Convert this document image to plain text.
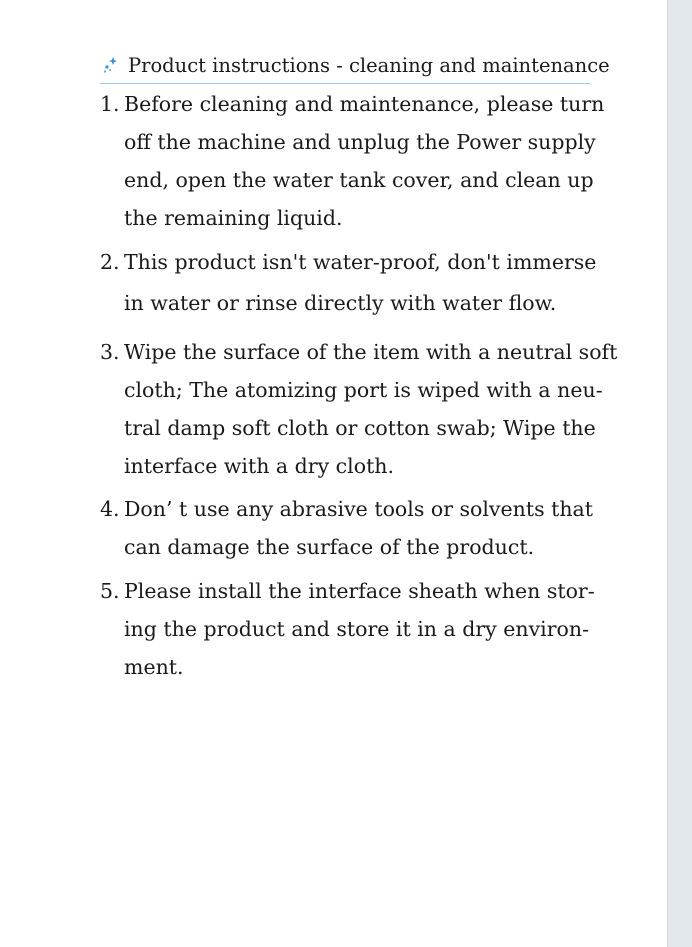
Product instructions - cleaning and maintenance
1. Before cleaning and maintenance, please turn
off the machine and unplug the Power supply
end, open the water tank cover, and clean up
the remaining liquid.
2. This product isn't water-proof, don't immerse
in water or rinse directly with water flow.
3. Wipe the surface of the item with a neutral soft
cloth; The atomizing port is wiped with a neu-
tral damp soft cloth or cotton swab; Wipe the
interface with a dry cloth.
4. Don’ t use any abrasive tools or solvents that
can damage the surface of the product.
5. Please install the interface sheath when stor-
ing the product and store it in a dry environ-
ment.
